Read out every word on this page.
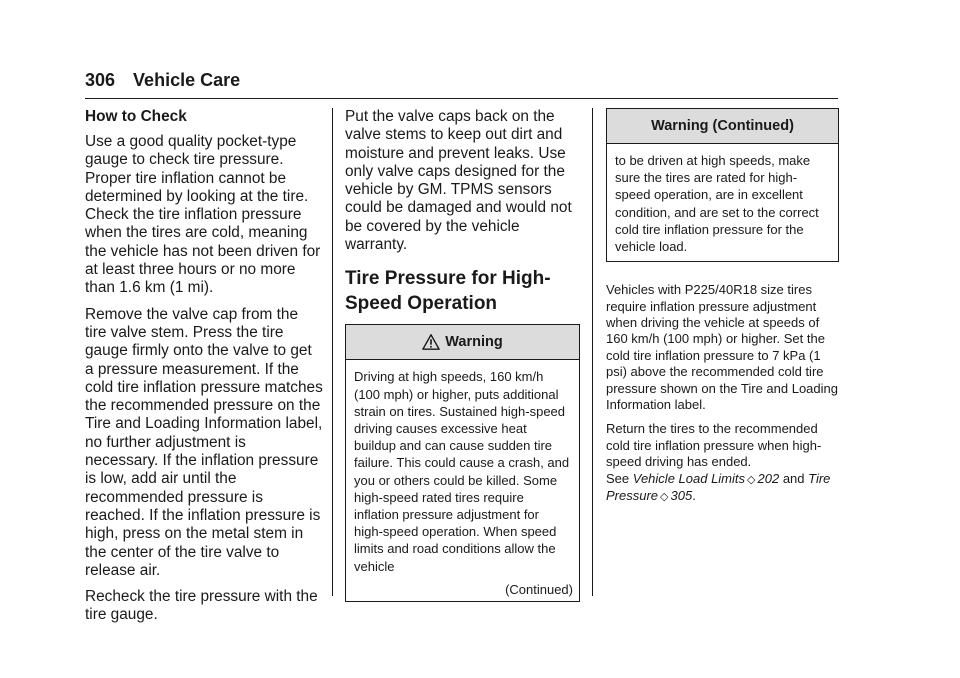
306 Vehicle Care
How to Check

Use a good quality pocket-type gauge to check tire pressure. Proper tire inflation cannot be determined by looking at the tire. Check the tire inflation pressure when the tires are cold, meaning the vehicle has not been driven for at least three hours or no more than 1.6 km (1 mi).

Remove the valve cap from the tire valve stem. Press the tire gauge firmly onto the valve to get a pressure measurement. If the cold tire inflation pressure matches the recommended pressure on the Tire and Loading Information label, no further adjustment is necessary. If the inflation pressure is low, add air until the recommended pressure is reached. If the inflation pressure is high, press on the metal stem in the center of the tire valve to release air.

Recheck the tire pressure with the tire gauge.

Put the valve caps back on the valve stems to keep out dirt and moisture and prevent leaks. Use only valve caps designed for the vehicle by GM. TPMS sensors could be damaged and would not be covered by the vehicle warranty.

Tire Pressure for High-Speed Operation
Warning
Driving at high speeds, 160 km/h (100 mph) or higher, puts additional strain on tires. Sustained high-speed driving causes excessive heat buildup and can cause sudden tire failure. This could cause a crash, and you or others could be killed. Some high-speed rated tires require inflation pressure adjustment for high-speed operation. When speed limits and road conditions allow the vehicle
(Continued)
Warning (Continued)
to be driven at high speeds, make sure the tires are rated for high-speed operation, are in excellent condition, and are set to the correct cold tire inflation pressure for the vehicle load.

Vehicles with P225/40R18 size tires require inflation pressure adjustment when driving the vehicle at speeds of 160 km/h (100 mph) or higher. Set the cold tire inflation pressure to 7 kPa (1 psi) above the recommended cold tire pressure shown on the Tire and Loading Information label.

Return the tires to the recommended cold tire inflation pressure when high-speed driving has ended.

See Vehicle Load Limits ◇ 202 and Tire Pressure ◇ 305.
